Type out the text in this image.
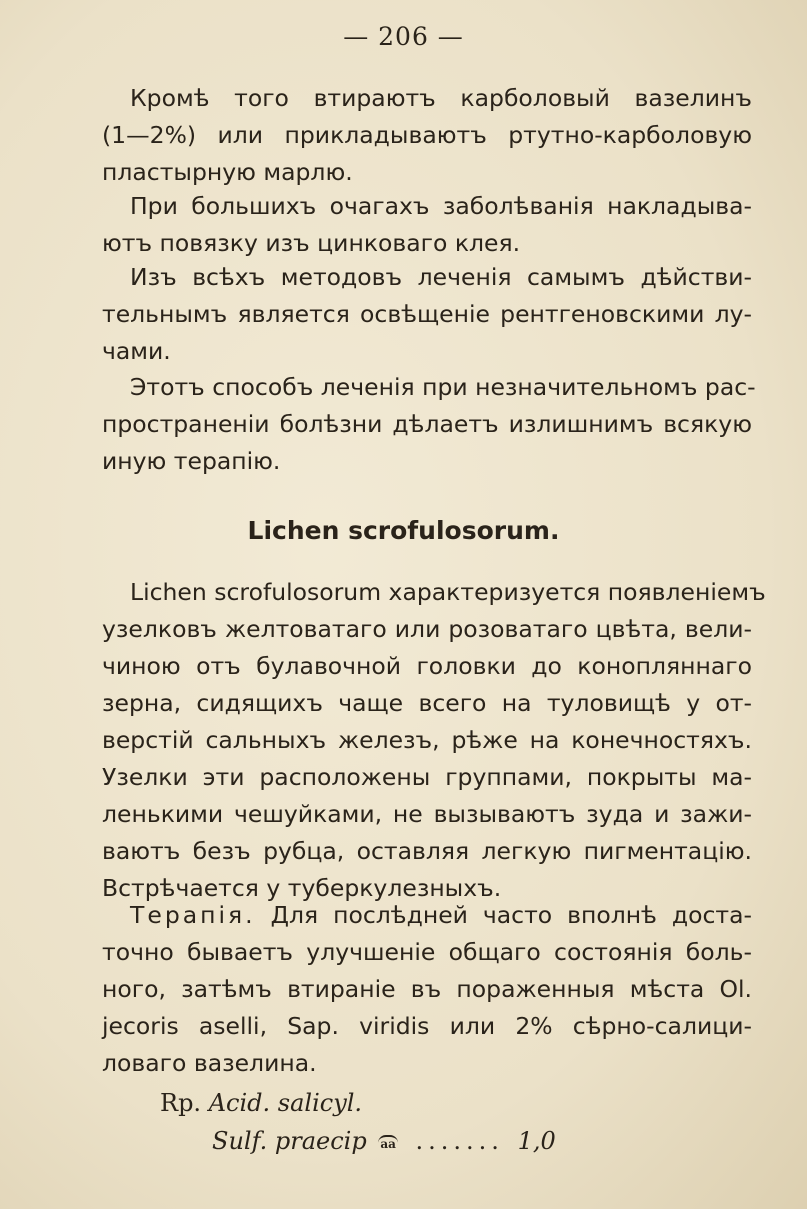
— 206 —
Кромѣ того втираютъ карболовый вазелинъ
(1—2%) или прикладываютъ ртутно-карболовую
пластырную марлю.
При большихъ очагахъ заболѣванія накладыва-
ютъ повязку изъ цинковаго клея.
Изъ всѣхъ методовъ леченія самымъ дѣйстви-
тельнымъ является освѣщеніе рентгеновскими лу-
чами.
Этотъ способъ леченія при незначительномъ рас-
пространеніи болѣзни дѣлаетъ излишнимъ всякую
иную терапію.
Lichen scrofulosorum.
Lichen scrofulosorum характеризуется появленіемъ
узелковъ желтоватаго или розоватаго цвѣта, вели-
чиною отъ булавочной головки до конопляннаго
зерна, сидящихъ чаще всего на туловищѣ у от-
верстій сальныхъ железъ, рѣже на конечностяхъ.
Узелки эти расположены группами, покрыты ма-
ленькими чешуйками, не вызываютъ зуда и зажи-
ваютъ безъ рубца, оставляя легкую пигментацію.
Встрѣчается у туберкулезныхъ.
Терапія. Для послѣдней часто вполнѣ доста-
точно бываетъ улучшеніе общаго состоянія боль-
ного, затѣмъ втираніе въ пораженныя мѣста Ol.
jecoris aselli, Sap. viridis или 2% сѣрно-салици-
ловаго вазелина.
Rp. Acid. salicyl.
Sulf. praecip aa ....... 1,0
